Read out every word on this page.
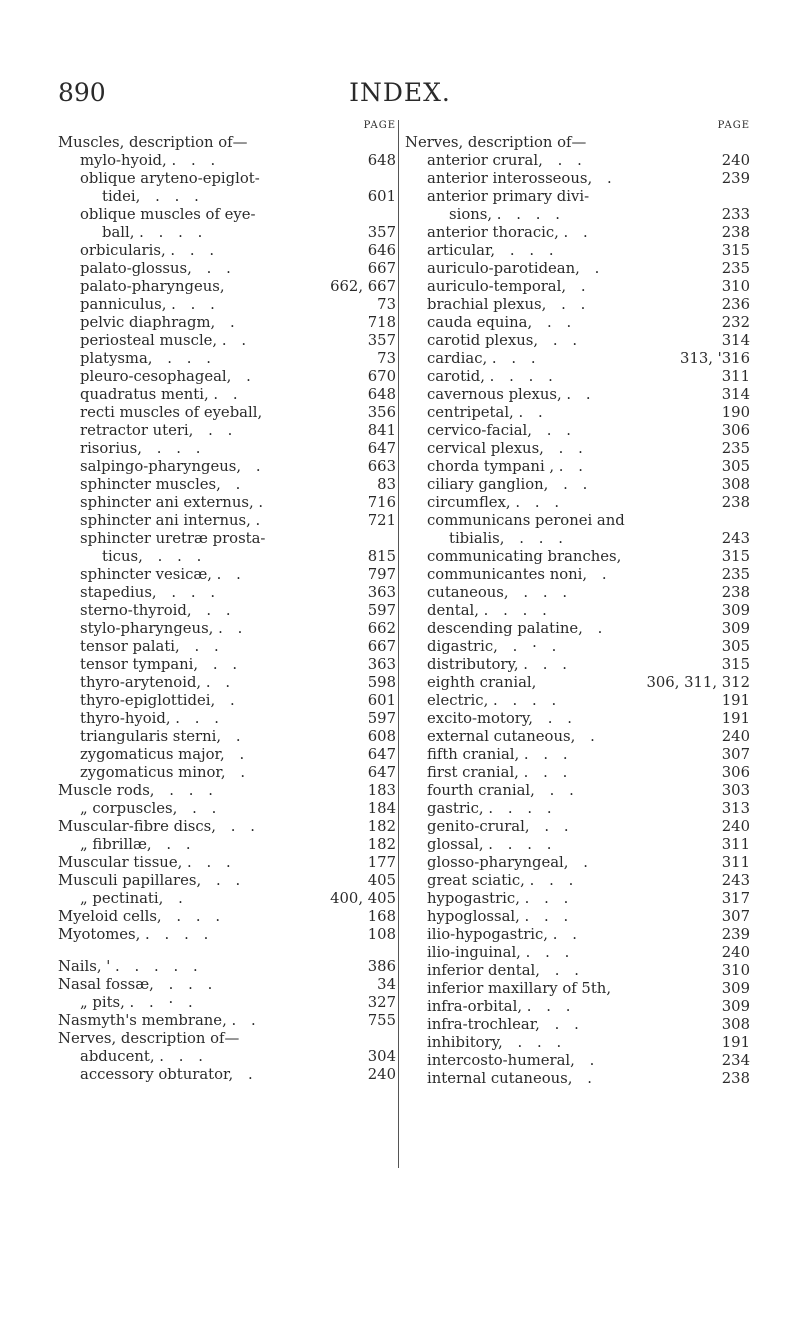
890	INDEX.
PAGE
Muscles, description of—
mylo-hyoid, . . .	648
oblique aryteno-epiglot-
tidei, . . .	601
oblique muscles of eye-
ball, . . . .	357
orbicularis, . . .	646
palato-glossus, . .	667
palato-pharyngeus,	662, 667
panniculus, . . .	73
pelvic diaphragm, .	718
periosteal muscle, . .	357
platysma, . . .	73
pleuro-cesophageal, .	670
quadratus menti, . .	648
recti muscles of eyeball,	356
retractor uteri, . .	841
risorius, . . .	647
salpingo-pharyngeus, .	663
sphincter muscles, .	83
sphincter ani externus, .	716
sphincter ani internus, .	721
sphincter uretræ prosta-
ticus, . . .	815
sphincter vesicæ, . .	797
stapedius, . . .	363
sterno-thyroid, . .	597
stylo-pharyngeus, . .	662
tensor palati, . .	667
tensor tympani, . .	363
thyro-arytenoid, . .	598
thyro-epiglottidei, .	601
thyro-hyoid, . . .	597
triangularis sterni, .	608
zygomaticus major, .	647
zygomaticus minor, .	647
Muscle rods, . . .	183
„ corpuscles, . .	184
Muscular-fibre discs, . .	182
„ fibrillæ, . .	182
Muscular tissue, . . .	177
Musculi papillares, . .	405
„ pectinati, .	400, 405
Myeloid cells, . . .	168
Myotomes, . . . .	108
Nails, ' . . . . .	386
Nasal fossæ, . . .	34
„ pits, . . · .	327
Nasmyth's membrane, . .	755
Nerves, description of—
abducent, . . .	304
accessory obturator, .	240
PAGE
Nerves, description of—
anterior crural, . .	240
anterior interosseous, .	239
anterior primary divi-
sions, . . . .	233
anterior thoracic, . .	238
articular, . . .	315
auriculo-parotidean, .	235
auriculo-temporal, .	310
brachial plexus, . .	236
cauda equina, . .	232
carotid plexus, . .	314
cardiac, . . .	313, '316
carotid, . . . .	311
cavernous plexus, . .	314
centripetal, . .	190
cervico-facial, . .	306
cervical plexus, . .	235
chorda tympani , . .	305
ciliary ganglion, . .	308
circumflex, . . .	238
communicans peronei and
tibialis, . . .	243
communicating branches,	315
communicantes noni, .	235
cutaneous, . . .	238
dental, . . . .	309
descending palatine, .	309
digastric, . · .	305
distributory, . . .	315
eighth cranial,	306, 311, 312
electric, . . . .	191
excito-motory, . .	191
external cutaneous, .	240
fifth cranial, . . .	307
first cranial, . . .	306
fourth cranial, . .	303
gastric, . . . .	313
genito-crural, . .	240
glossal, . . . .	311
glosso-pharyngeal, .	311
great sciatic, . . .	243
hypogastric, . . .	317
hypoglossal, . . .	307
ilio-hypogastric, . .	239
ilio-inguinal, . . .	240
inferior dental, . .	310
inferior maxillary of 5th,	309
infra-orbital, . . .	309
infra-trochlear, . .	308
inhibitory, . . .	191
intercosto-humeral, .	234
internal cutaneous, .	238
